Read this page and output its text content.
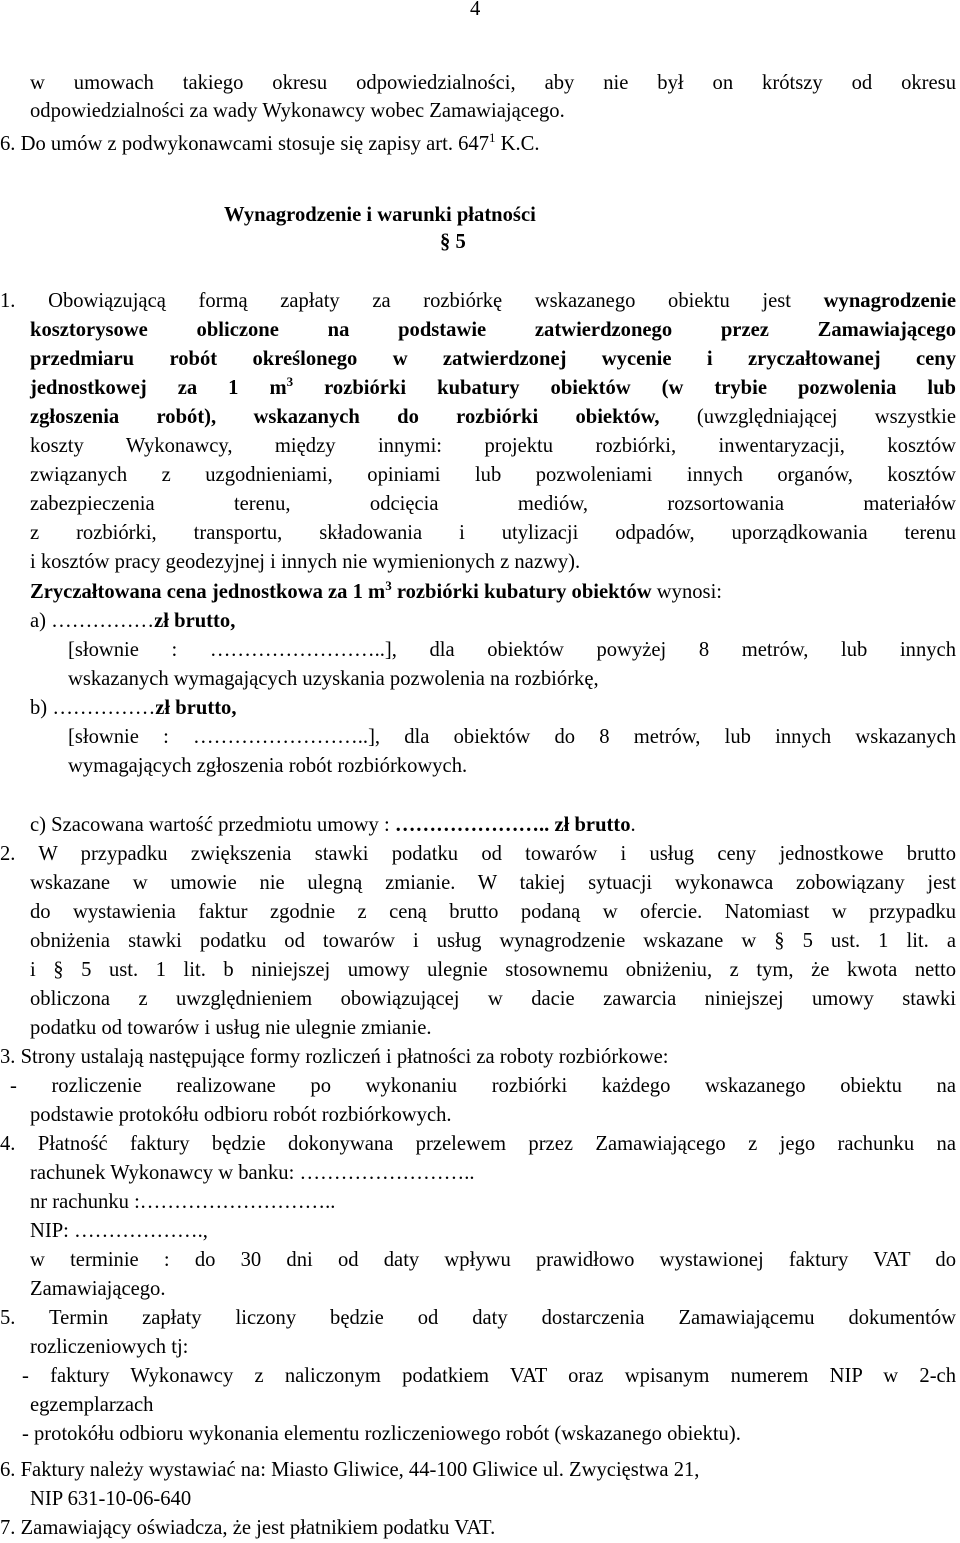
4
w umowach takiego okresu odpowiedzialności, aby nie był on krótszy od okresu
odpowiedzialności za wady Wykonawcy wobec Zamawiającego.
6. Do umów z podwykonawcami stosuje się zapisy art. $647^1$ K.C.
Wynagrodzenie i warunki płatności
§ 5
1. Obowiązującą formą zapłaty za rozbiórkę wskazanego obiektu jest wynagrodzenie
kosztorysowe obliczone na podstawie zatwierdzonego przez Zamawiającego
przedmiaru robót określonego w zatwierdzonej wycenie i zryczałtowanej ceny
jednostkowej za 1 $m^3$ rozbiórki kubatury obiektów (w trybie pozwolenia lub
zgłoszenia robót), wskazanych do rozbiórki obiektów, (uwzględniającej wszystkie
koszty Wykonawcy, między innymi: projektu rozbiórki, inwentaryzacji, kosztów
związanych z uzgodnieniami, opiniami lub pozwoleniami innych organów, kosztów
zabezpieczenia terenu, odcięcia mediów, rozsortowania materiałów
z rozbiórki, transportu, składowania i utylizacji odpadów, uporządkowania terenu
i kosztów pracy geodezyjnej i innych nie wymienionych z nazwy).
Zryczałtowana cena jednostkowa za 1 $m^3$ rozbiórki kubatury obiektów wynosi:
a) ……………zł brutto,
[słownie : ……………………..], dla obiektów powyżej 8 metrów, lub innych
wskazanych wymagających uzyskania pozwolenia na rozbiórkę,
b) ……………zł brutto,
[słownie : ……………………..], dla obiektów do 8 metrów, lub innych wskazanych
wymagających zgłoszenia robót rozbiórkowych.
c) Szacowana wartość przedmiotu umowy : ………………….. zł brutto.
2. W przypadku zwiększenia stawki podatku od towarów i usług ceny jednostkowe brutto
wskazane w umowie nie ulegną zmianie. W takiej sytuacji wykonawca zobowiązany jest
do wystawienia faktur zgodnie z ceną brutto podaną w ofercie. Natomiast w przypadku
obniżenia stawki podatku od towarów i usług wynagrodzenie wskazane w § 5 ust. 1 lit. a
i § 5 ust. 1 lit. b niniejszej umowy ulegnie stosownemu obniżeniu, z tym, że kwota netto
obliczona z uwzględnieniem obowiązującej w dacie zawarcia niniejszej umowy stawki
podatku od towarów i usług nie ulegnie zmianie.
3. Strony ustalają następujące formy rozliczeń i płatności za roboty rozbiórkowe:
- rozliczenie realizowane po wykonaniu rozbiórki każdego wskazanego obiektu na
podstawie protokółu odbioru robót rozbiórkowych.
4. Płatność faktury będzie dokonywana przelewem przez Zamawiającego z jego rachunku na
rachunek Wykonawcy w banku: ……………………..
nr rachunku :………………………..
NIP: ……………….,
w terminie : do 30 dni od daty wpływu prawidłowo wystawionej faktury VAT do
Zamawiającego.
5. Termin zapłaty liczony będzie od daty dostarczenia Zamawiającemu dokumentów
rozliczeniowych tj:
- faktury Wykonawcy z naliczonym podatkiem VAT oraz wpisanym numerem NIP w 2-ch
egzemplarzach
- protokółu odbioru wykonania elementu rozliczeniowego robót (wskazanego obiektu).
6. Faktury należy wystawiać na: Miasto Gliwice, 44-100 Gliwice ul. Zwycięstwa 21,
NIP 631-10-06-640
7. Zamawiający oświadcza, że jest płatnikiem podatku VAT.
